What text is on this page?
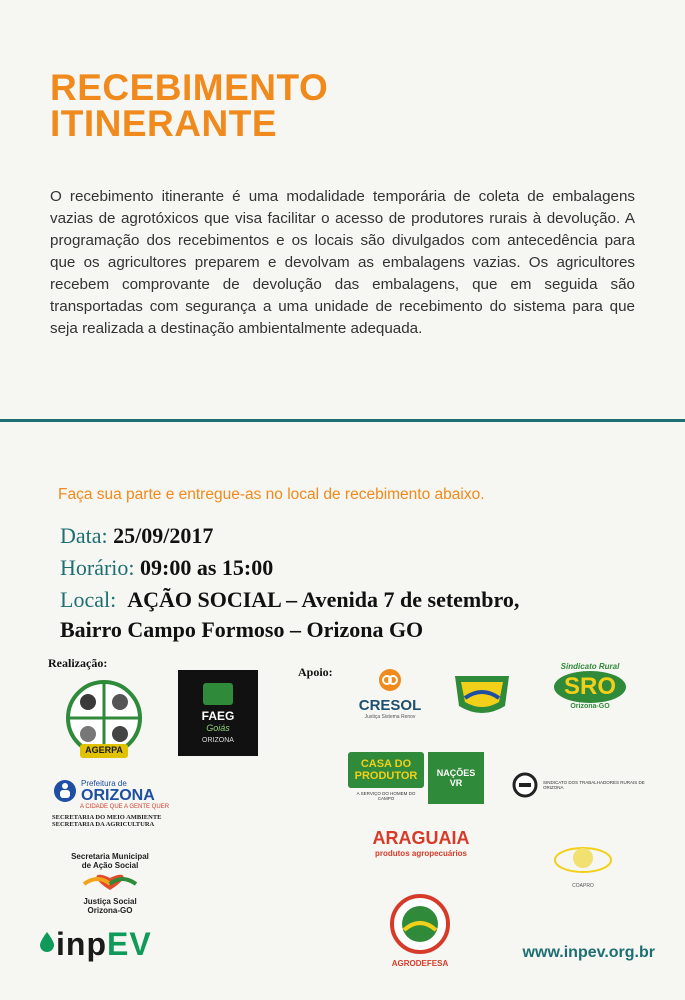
RECEBIMENTO
ITINERANTE
O recebimento itinerante é uma modalidade temporária de coleta de embalagens vazias de agrotóxicos que visa facilitar o acesso de produtores rurais à devolução. A programação dos recebimentos e os locais são divulgados com antecedência para que os agricultores preparem e devolvam as embalagens vazias. Os agricultores recebem comprovante de devolução das embalagens, que em seguida são transportadas com segurança a uma unidade de recebimento do sistema para que seja realizada a destinação ambientalmente adequada.
Faça sua parte e entregue-as no local de recebimento abaixo.
Data: 25/09/2017
Horário: 09:00 as 15:00
Local: AÇÃO SOCIAL – Avenida 7 de setembro,
Bairro Campo Formoso – Orizona GO
Realização:
Apoio:
AGERPA
FAEG
Goiás
ORIZONA
Prefeitura de
ORIZONA
A CIDADE QUE A GENTE QUER
SECRETARIA DO MEIO AMBIENTE
SECRETARIA DA AGRICULTURA
Secretaria Municipal
de Ação Social
Justiça Social
Orizona-GO
inpEV
CRESOL
Justiça Sistema Renov
Sindicato Rural
SRO
Orizona-GO
CASA DO PRODUTOR
A SERVIÇO DO HOMEM DO CAMPO
NAÇÕES
VR	SINDICATO DOS TRABALHADORES RURAIS DE ORIZONA
ARAGUAIA
produtos agropecuários
COAPRO
AGRODEFESA
www.inpev.org.br
